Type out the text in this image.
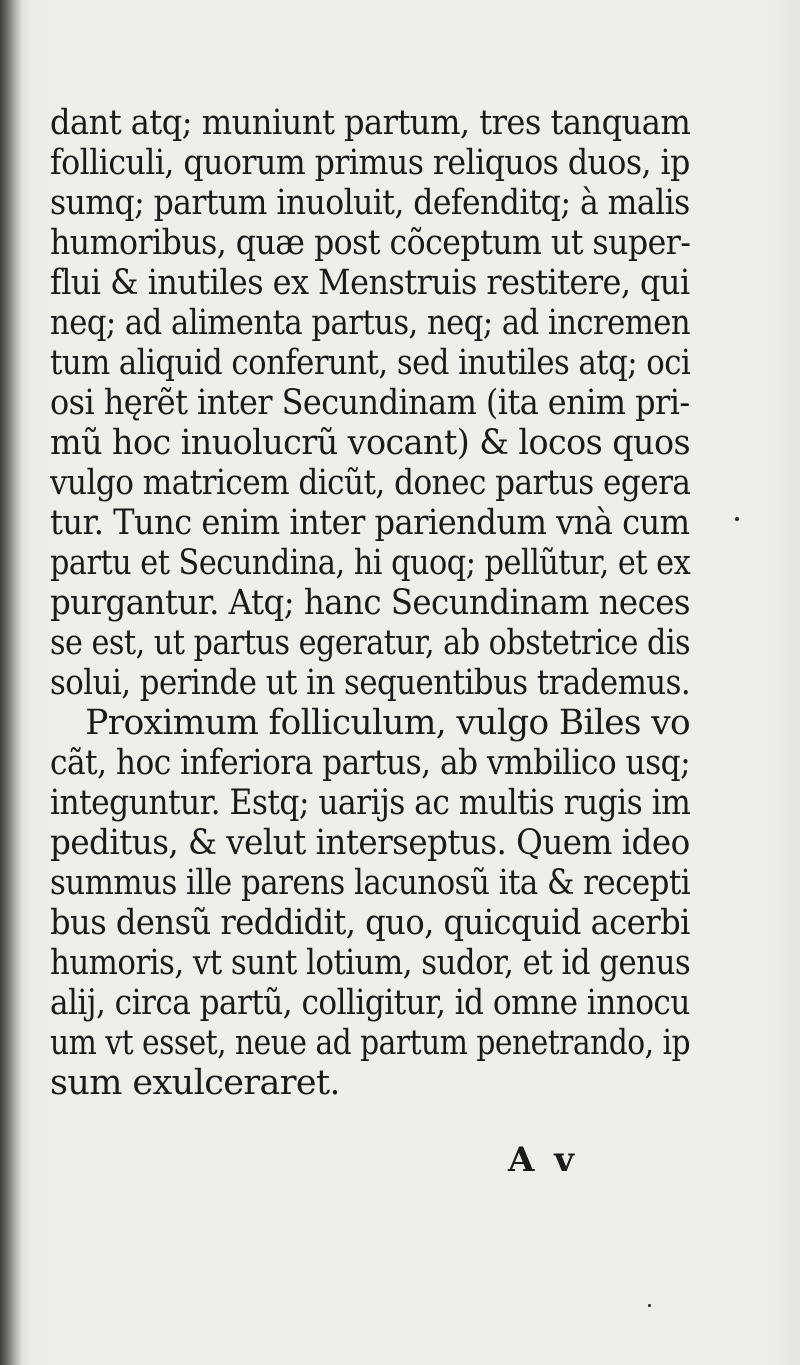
dant atq; muniunt partum, tres tanquam
folliculi, quorum primus reliquos duos, ip
sumq; partum inuoluit, defenditq; à malis
humoribus, quæ post cõceptum ut super-
flui & inutiles ex Menstruis restitere, qui
neq; ad alimenta partus, neq; ad incremen
tum aliquid conferunt, sed inutiles atq; oci
osi hęrẽt inter Secundinam (ita enim pri-
mũ hoc inuolucrũ vocant) & locos quos
vulgo matricem dicũt, donec partus egera
tur. Tunc enim inter pariendum vnà cum
partu et Secundina, hi quoq; pellũtur, et ex
purgantur. Atq; hanc Secundinam neces
se est, ut partus egeratur, ab obstetrice dis
solui, perinde ut in sequentibus trademus.
Proximum folliculum, vulgo Biles vo
cãt, hoc inferiora partus, ab vmbilico usq;
integuntur. Estq; uarijs ac multis rugis im
peditus, & velut interseptus. Quem ideo
summus ille parens lacunosũ ita & recepti
bus densũ reddidit, quo, quicquid acerbi
humoris, vt sunt lotium, sudor, et id genus
alij, circa partũ, colligitur, id omne innocu
um vt esset, neue ad partum penetrando, ip
sum exulceraret.
A v
